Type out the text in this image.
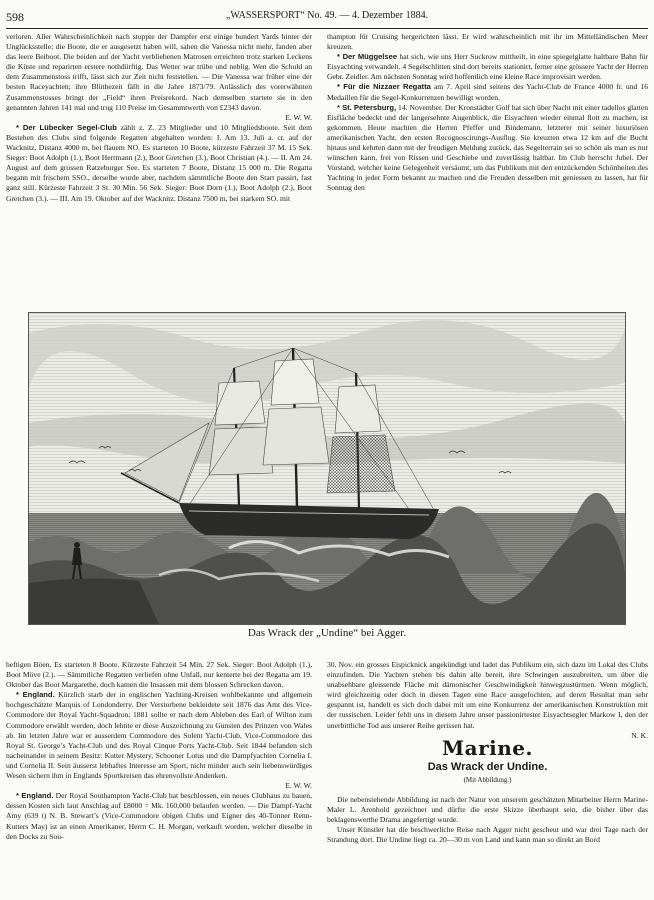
598	„WASSERSPORT“ No. 49. — 4. Dezember 1884.

verloren. Aller Wahrscheinlichkeit nach stoppte der Dampfer erst einige hundert Yards hinter der Unglücksstelle; die Boote, die er ausgesetzt haben will, sahen die Vanessa nicht mehr, fanden aber das leere Beiboot. Die beiden auf der Yacht verbliebenen Matrosen erreichten trotz starken Leckens die Küste und reparirten erstere nothdürftig. Das Wetter war trübe und neblig. Wen die Schuld an dem Zusammenstoss trifft, lässt sich zur Zeit nicht feststellen. — Die Vanessa war früher eine der besten Raceyachten; ihre Blüthezeit fällt in die Jahre 1873/79. Anlässlich des vorerwähnten Zusammenstosses bringt der „Field“ ihren Preisrekord. Nach demselben startete sie in den genannten Jahren 141 mal und trug 110 Preise im Gesammtwerth von £2343 davon.

E. W. W.

* Der Lübecker Segel-Club zählt z. Z. 23 Mitglieder und 10 Mitgliedsboote. Seit dem Bestehen des Clubs sind folgende Regatten abgehalten worden: I. Am 13. Juli a. cr. auf der Wacknitz, Distanz 4000 m, bei flauem NO. Es starteten 10 Boote, kürzeste Fahrzeit 37 M. 15 Sek. Sieger: Boot Adolph (1.), Boot Herrmann (2.), Boot Gretchen (3.), Boot Christian (4.). — II. Am 24. August auf dem grossen Ratzeburger See. Es starteten 7 Boote, Distanz 15 000 m. Die Regatta begann mit frischem SSO., derselbe wurde aber, nachdem sämmtliche Boote den Start passirt, fast ganz still. Kürzeste Fahrzeit 3 St. 30 Min. 56 Sek. Sieger: Boot Dorn (1.), Boot Adolph (2.), Boot Gretchen (3.). — III. Am 19. Oktober auf der Wacknitz. Distanz 7500 m, bei starkem SO. mit

thampton für Cruising hergerichten lässt. Er wird wahrscheinlich mit ihr im Mittelländischen Meer kreuzen.

* Der Müggelsee hat sich, wie uns Herr Suckrow mittheilt, in eine spiegelglatte haltbare Bahn für Eisyachting verwandelt. 4 Segelschlitten sind dort bereits stationirt, ferner eine grössere Yacht der Herren Gebr. Zeidler. Am nächsten Sonntag wird hoffentlich eine kleine Race improvisirt werden.

* Für die Nizzaer Regatta am 7. April sind seitens des Yacht-Club de France 4000 fr. und 16 Medaillen für die Segel-Konkurrenzen bewilligt worden.

* St. Petersburg, 14. November. Der Kronstädter Golf hat sich über Nacht mit einer tadellos glatten Eisfläche bedeckt und der langersehnte Augenblick, die Eisyachten wieder einmal flott zu machen, ist gekommen. Heute machten die Herren Pfeffer und Bindemann, letzterer mit seiner luxuriösen amerikanischen Yacht, den ersten Recognoscirungs-Ausflug. Sie kreuzten etwa 12 km auf die Bucht hinaus und kehrten dann mit der freudigen Meldung zurück, das Segelterrain sei so schön als man es nur wünschen kann, frei von Rissen und Geschiebe und zuverlässig haltbar. Im Club herrscht Jubel. Der Vorstand, welcher keine Gelegenheit versäumt, um das Publikum mit den entzückenden Schönheiten des Yachting in jeder Form bekannt zu machen und die Freuden desselben mit geniessen zu lassen, hat für Sonntag den

Das Wrack der „Undine“ bei Agger.

heftigen Böen. Es starteten 8 Boote. Kürzeste Fahrzeit 54 Min. 27 Sek. Sieger: Boot Adolph (1.), Boot Möve (2.). — Sämmtliche Regatten verliefen ohne Unfall, nur kenterte bei der Regatta am 19. Oktober das Boot Margarethe, doch kamen die Insassen mit dem blossen Schrecken davon.

* England. Kürzlich starb der in englischen Yachting-Kreisen wohlbekannte und allgemein hochgeschätzte Marquis of Londonderry. Der Verstorbene bekleidete seit 1876 das Amt des Vice-Commodore der Royal Yacht-Squadron; 1881 sollte er nach dem Ableben des Earl of Wilton zum Commodore erwählt werden, doch lehnte er diese Auszeichnung zu Gunsten des Prinzen von Wales ab. Im letzten Jahre war er ausserdem Commodore des Solent Yacht-Club, Vice-Commodore des Royal St. George’s Yacht-Club und des Royal Cinque Ports Yacht-Club. Seit 1844 befanden sich nacheinander in seinem Besitz: Kutter Mystery, Schooner Lotus und die Dampfyachten Cornelia I. und Cornelia II. Sein äusserst lebhaftes Interesse am Sport, nicht minder auch sein liebenswürdiges Wesen sichern ihm in Englands Sportkreisen das ehrenvollste Andenken.

E. W. W.

* England. Der Royal Southampton Yacht-Club hat beschlossen, ein neues Clubhaus zu bauen, dessen Kosten sich laut Anschlag auf £8000 = Mk. 160,000 belaufen werden. — Die Dampf-Yacht Amy (639 t) N. B. Stewart’s (Vice-Commodore obigen Clubs und Eigner des 40-Tonner Renn-Kutters May) ist an einen Amerikaner, Herrn C. H. Morgan, verkauft worden, welcher dieselbe in den Docks zu Sou-

30. Nov. ein grosses Eispicknick angekündigt und ladet das Publikum ein, sich dazu im Lokal des Clubs einzufinden. Die Yachten stehen bis dahin alle bereit, ihre Schwingen auszubreiten, um über die unabsehbare gleissende Fläche mit dämonischer Geschwindigkeit hinwegzustürmen. Wenn möglich, wird gleichzeitig oder doch in diesen Tagen eine Race ausgefochten, auf deren Resultat man sehr gespannt ist, handelt es sich doch dabei mit um eine Konkurrenz der amerikanischen Konstruktion mit der russischen. Leider fehlt uns in diesem Jahre unser passionirtester Eisyachtsegler Markow I, den der unerbittliche Tod aus unserer Reihe gerissen hat.

N. K.

Marine.
Das Wrack der Undine.
(Mit Abbildung.)

Die nebenstehende Abbildung ist nach der Natur von unserem geschätzten Mitarbeiter Herrn Marine-Maler L. Arenhold gezeichnet und dürfte die erste Skizze überhaupt sein, die bisher über das beklagenswerthe Drama angefertigt wurde.

Unser Künstler hat die beschwerliche Reise nach Agger nicht gescheut und war drei Tage nach der Strandung dort. Die Undine liegt ca. 20—30 m von Land und kann man so direkt an Bord
